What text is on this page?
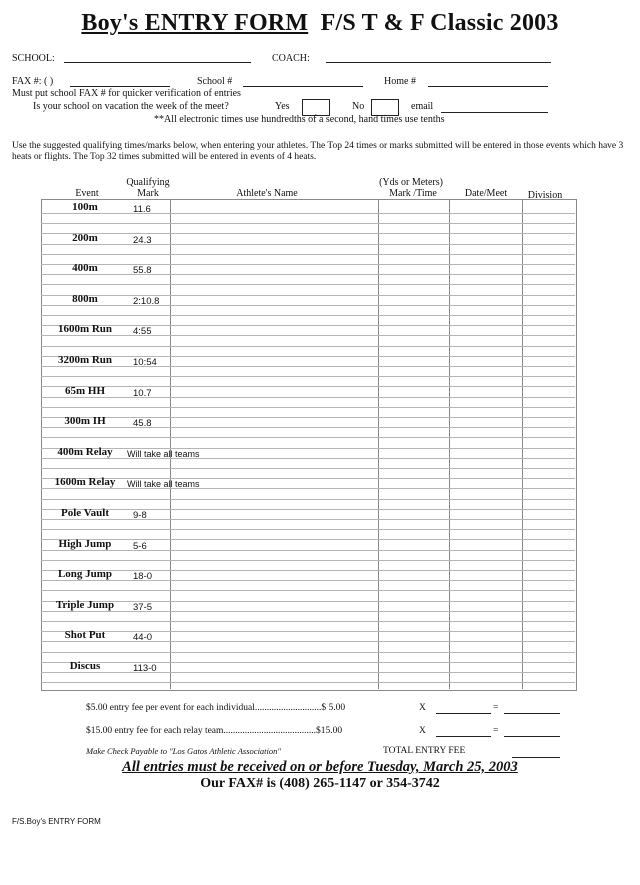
Boy's ENTRY FORM F/S T & F Classic 2003
SCHOOL:	COACH:
FAX #: ( )	School #	Home #
Must put school FAX # for quicker verification of entries
Is your school on vacation the week of the meet?	Yes	No	email
**All electronic times use hundredths of a second, hand times use tenths
Use the suggested qualifying times/marks below, when entering your athletes. The Top 24 times or marks submitted will be entered in those events which have 3 heats or flights. The Top 32 times submitted will be entered in events of 4 heats.
Event
Qualifying
Mark	Athlete's Name
(Yds or Meters)
Mark /Time	Date/Meet	Division
100m	11.6
200m	24.3
400m	55.8
800m	2:10.8
1600m Run	4:55
3200m Run	10:54
65m HH	10.7
300m IH	45.8
400m Relay	Will take all teams
1600m Relay	Will take all teams
Pole Vault	9-8
High Jump	5-6
Long Jump	18-0
Triple Jump	37-5
Shot Put	44-0
Discus	113-0
$5.00 entry fee per event for each individual............................$ 5.00	X	=
$15.00 entry fee for each relay team.......................................$15.00	X	=
Make Check Payable to "Los Gatos Athletic Association"	TOTAL ENTRY FEE
All entries must be received on or before Tuesday, March 25, 2003
Our FAX# is (408) 265-1147 or 354-3742
F/S.Boy's ENTRY FORM
